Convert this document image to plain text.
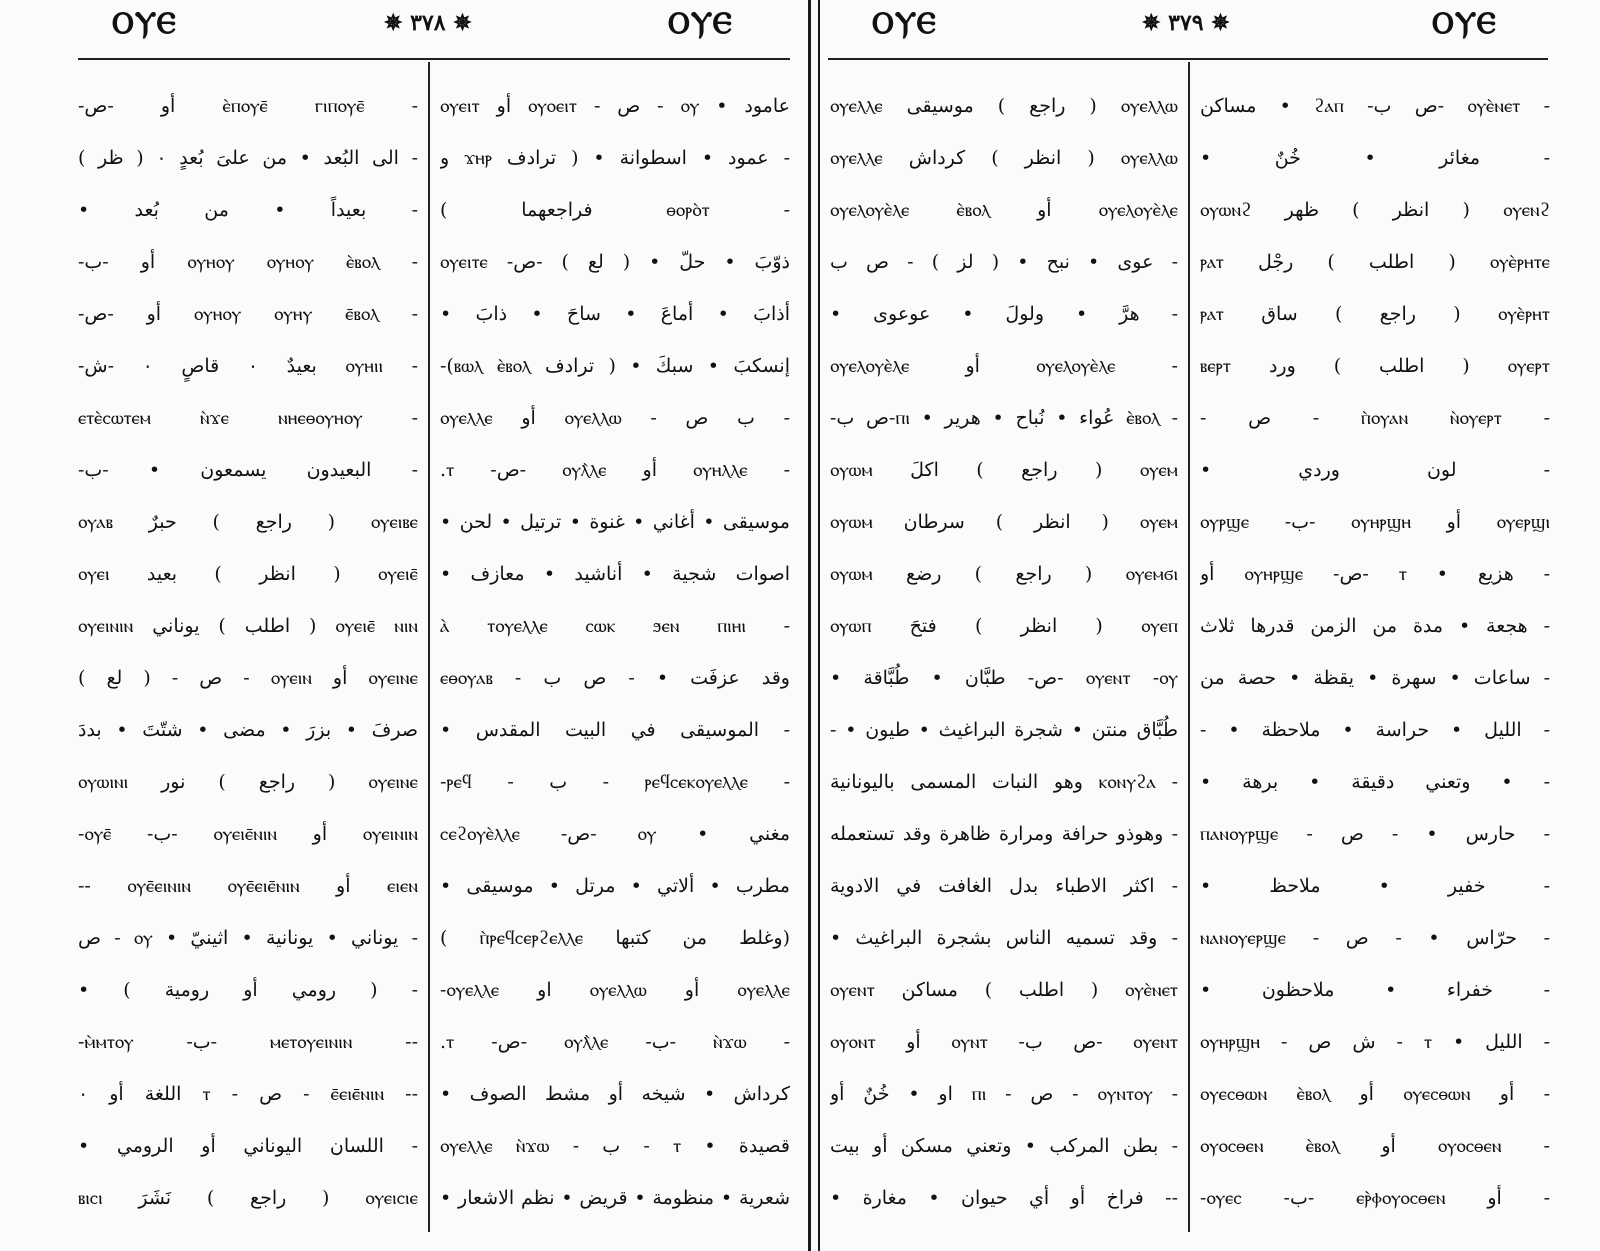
ⲞⲨⲈ	✵ ٣٧٨ ✵	ⲞⲨⲈ
- ⲉ̀ⲡⲟⲩⲉ̄ ⲅⲓⲡⲟⲩⲉ̄ أو -ص-
- الى البُعد • من علىَ بُعدٍ ٠ ( ظر )
- بعيداً • من بُعد •
- ⲟⲩⲏⲟⲩ ⲟⲩⲏⲟⲩ ⲉ̀ⲃⲟⲗ أو -ب-
- ⲟⲩⲏⲟⲩ ⲟⲩⲏⲩ ⲉ̄ⲃⲟⲗ أو -ص-
- ⲟⲩⲏⲓⲓ بعيدٌ ٠ قاصٍ ٠ -ش-
- ⲉⲧⲉ̀ⲥⲱⲧⲉⲙ ⲛ̀ϫⲉ ⲛⲏⲉⲑⲟⲩⲏⲟⲩ
- البعيدون يسمعون • -ب-
ⲟⲩⲉⲓⲃⲉ ( راجع ) حبرٌ ⲟⲩⲁⲃ
ⲟⲩⲉⲓⲉ̄ ( انظر ) بعيد ⲟⲩⲉⲓ
ⲟⲩⲉⲓⲉ̄ ⲛⲓⲛ ( اطلب ) يوناني ⲟⲩⲉⲓⲛⲓⲛ
ⲟⲩⲉⲓⲛⲉ أو ⲟⲩⲉⲓⲛ - ص - ( لع )
صرفَ • بزرَ • مضى • شتّتَ • بددَ
ⲟⲩⲉⲓⲛⲉ ( راجع ) نور ⲟⲩⲱⲓⲛⲓ
ⲟⲩⲉⲓⲛⲓⲛ أو ⲟⲩⲉⲓⲉ̄ⲛⲓⲛ -ب- ⲟⲩⲉ̄-
ⲉⲓⲉⲛ أو ⲟⲩⲉ̄ⲉⲓⲛⲓⲛ ⲟⲩⲉ̄ⲉⲓⲉ̄ⲛⲓⲛ --
- يوناني • يونانية • اثينيّ • ⲟⲩ - ص
- ( رومي أو رومية ) •
-- ⲙⲉⲧⲟⲩⲉⲓⲛⲓⲛ -ب- ⲙ̀ⲙⲧⲟⲩ-
-- ⲉ̄ⲉⲓⲉ̄ⲛⲓⲛ - ص - ⲧ اللغة أو ٠
- اللسان اليوناني أو الرومي •
ⲟⲩⲉⲓⲥⲓⲉ ( راجع ) نَشَرَ ⲃⲓⲥⲓ
عامود • ⲟⲩ - ص - ⲟⲩⲟⲉⲓⲧ أو ⲟⲩⲉⲓⲧ
- عمود • اسطوانة • ( ترادف ϫⲏⲣ و
- ⲑⲟⲣⲟ̀ⲧ فراجعهما )
ذوّبَ • حلّ • ( لع ) -ص- ⲟⲩⲉⲓⲧⲉ
أذابَ • أماعَ • ساحَ • ذابَ •
إنسكبَ • سبكَ • ( ترادف ⲃⲱⲗ ⲉ̀ⲃⲟⲗ)-
- ب ص - ⲟⲩⲉⲗⲗⲱ أو ⲟⲩⲉⲗⲗⲉ
- ⲟⲩⲏⲗⲗⲉ أو ⲟⲩⲗ̀ⲗⲉ -ص- ⲧ.
موسيقى • أغاني • غنوة • ترتيل • لحن •
اصوات شجية • أناشيد • معازف •
- ⲁ̀ ⲧⲟⲩⲉⲗⲗⲉ ⲥⲱⲕ ϧⲉⲛ ⲡⲓⲏⲓ
وقد عزفَت • - ص ب - ⲉⲑⲟⲩⲁⲃ
- الموسيقى في البيت المقدس •
- ⲣⲉϥⲥⲉⲕⲟⲩⲉⲗⲗⲉ - ب - ⲣⲉϥ-
مغني • ⲟⲩ -ص- ⲥⲉϩⲟⲩⲉ̀ⲗⲗⲉ
مطرب • ألاتي • مرتل • موسيقى •
(وغلط من كتبها ⲡ̀ⲣⲉϥⲥⲉⲣϩⲉⲗⲗⲉ )
ⲟⲩⲉⲗⲗⲉ أو ⲟⲩⲉⲗⲗⲱ او ⲟⲩⲉⲗⲗⲉ-
- ⲛ̀ϫⲱ -ب- ⲟⲩⲗ̀ⲗⲉ -ص- ⲧ.
كرداش • شيخه أو مشط الصوف •
قصيدة • ⲧ - ب - ⲟⲩⲉⲗⲗⲉ ⲛ̀ϫⲱ
شعرية • منظومة • قريض • نظم الاشعار •
ⲞⲨⲈ	✵ ٣٧٩ ✵	ⲞⲨⲈ
ⲟⲩⲉⲗⲗⲱ ( راجع ) موسيقى ⲟⲩⲉⲗⲗⲉ
ⲟⲩⲉⲗⲗⲱ ( انظر ) كرداش ⲟⲩⲉⲗⲗⲉ
ⲟⲩⲉⲗⲟⲩⲉ̀ⲗⲉ أو ⲟⲩⲉⲗⲟⲩⲉ̀ⲗⲉ ⲉ̀ⲃⲟⲗ
- عوى • نبح • ( لز ) - ص ب
- هرَّ • ولولَ • عوعوى •
- ⲟⲩⲉⲗⲟⲩⲉ̀ⲗⲉ أو ⲟⲩⲉⲗⲟⲩⲉ̀ⲗⲉ
- ⲉ̀ⲃⲟⲗ عُواء • نُباح • هرير • ⲡⲓ-ص ب-
ⲟⲩⲉⲙ ( راجع ) اكلَ ⲟⲩⲱⲙ
ⲟⲩⲉⲙ ( انظر ) سرطان ⲟⲩⲱⲙ
ⲟⲩⲉⲙϭⲓ ( راجع ) رضع ⲟⲩⲱⲙ
ⲟⲩⲉⲡ ( انظر ) فتحَ ⲟⲩⲱⲡ
ⲟⲩⲉⲛⲧ -ⲟⲩ -ص- طبَّان • طُبَّاقة •
طُبَّاق منتن • شجرة البراغيث • طيون • -
- ⲕⲟⲛⲩϩⲁ وهو النبات المسمى باليونانية
- وهوذو حرافة ومرارة ظاهرة وقد تستعمله
- اكثر الاطباء بدل الغافت في الادوية
- وقد تسميه الناس بشجرة البراغيث •
ⲟⲩⲉ̀ⲛⲉⲧ ( اطلب ) مساكن ⲟⲩⲉⲛⲧ
ⲟⲩⲉⲛⲧ -ص ب- ⲟⲩⲛⲧ أو ⲟⲩⲟⲛⲧ
- ⲟⲩⲛⲧⲟⲩ - ص - ⲡⲓ او • خُنٌ أو
- بطن المركب • وتعني مسكن أو بيت
-- فراخ أو أي حيوان • مغارة •
- ⲟⲩⲉ̀ⲛⲉⲧ -ص ب- ϩⲁⲡ • مساكن
- مغائر • خُنٌ •
ⲟⲩⲉⲛϩ ( انظر ) ظهر ⲟⲩⲱⲛϩ
ⲟⲩⲉ̀ⲣⲏⲧⲉ ( اطلب ) رجْل ⲣⲁⲧ
ⲟⲩⲉ̀ⲣⲏⲧ ( راجع ) ساق ⲣⲁⲧ
ⲟⲩⲉⲣⲧ ( اطلب ) ورد ⲃⲉⲣⲧ
- ⲡ̀ⲟⲩⲁⲛ ⲛ̀ⲟⲩⲉⲣⲧ - ص -
- لون وردي •
ⲟⲩⲉⲣϣⲓ أو ⲟⲩⲏⲣϣⲏ -ب- ⲟⲩⲣϣⲉ
- هزيع • ⲧ -ص- ⲟⲩⲏⲣϣⲉ أو
- هجعة • مدة من الزمن قدرها ثلاث
- ساعات • سهرة • يقظة • حصة من
- الليل • حراسة • ملاحظة • -
- • وتعني دقيقة • برهة •
- حارس • - ص - ⲡⲁⲛⲟⲩⲣϣⲉ
- خفير • ملاحظ •
- حرّاس • - ص - ⲛⲁⲛⲟⲩⲉⲣϣⲉ
- خفراء • ملاحظون •
- الليل • ⲧ - ش ص - ⲟⲩⲏⲣϣⲏ
- أو ⲟⲩⲉⲥⲑⲱⲛ أو ⲟⲩⲉⲥⲑⲱⲛ ⲉ̀ⲃⲟⲗ
- ⲟⲩⲟⲥⲑⲉⲛ أو ⲟⲩⲟⲥⲑⲉⲛ ⲉ̀ⲃⲟⲗ
- أو ⲉⲣ̀ⲫⲟⲩⲟⲥⲑⲉⲛ -ب- ⲟⲩⲉⲥ-
